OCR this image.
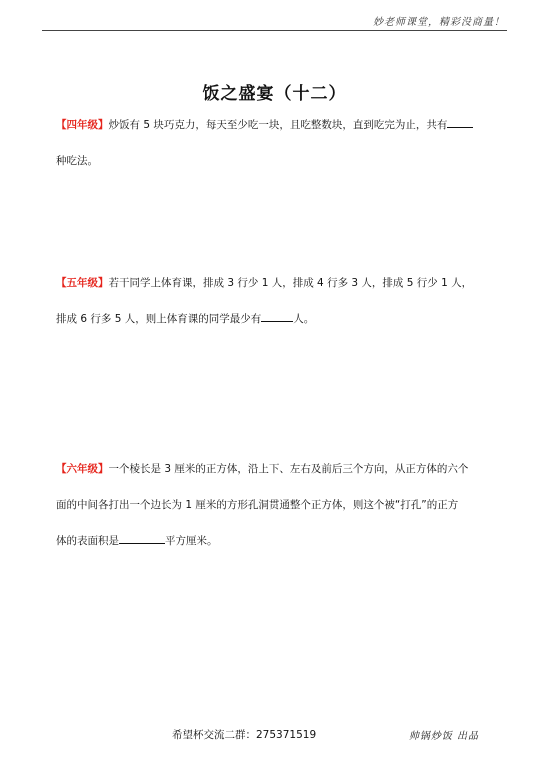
妙老师课堂，精彩没商量！
饭之盛宴（十二）
【四年级】炒饭有 5 块巧克力，每天至少吃一块，且吃整数块，直到吃完为止，共有
种吃法。
【五年级】若干同学上体育课，排成 3 行少 1 人，排成 4 行多 3 人，排成 5 行少 1 人，
排成 6 行多 5 人，则上体育课的同学最少有	人。
【六年级】一个棱长是 3 厘米的正方体，沿上下、左右及前后三个方向，从正方体的六个
面的中间各打出一个边长为 1 厘米的方形孔洞贯通整个正方体，则这个被“打孔”的正方
体的表面积是	平方厘米。
希望杯交流二群：275371519	帅锅炒饭 出品
